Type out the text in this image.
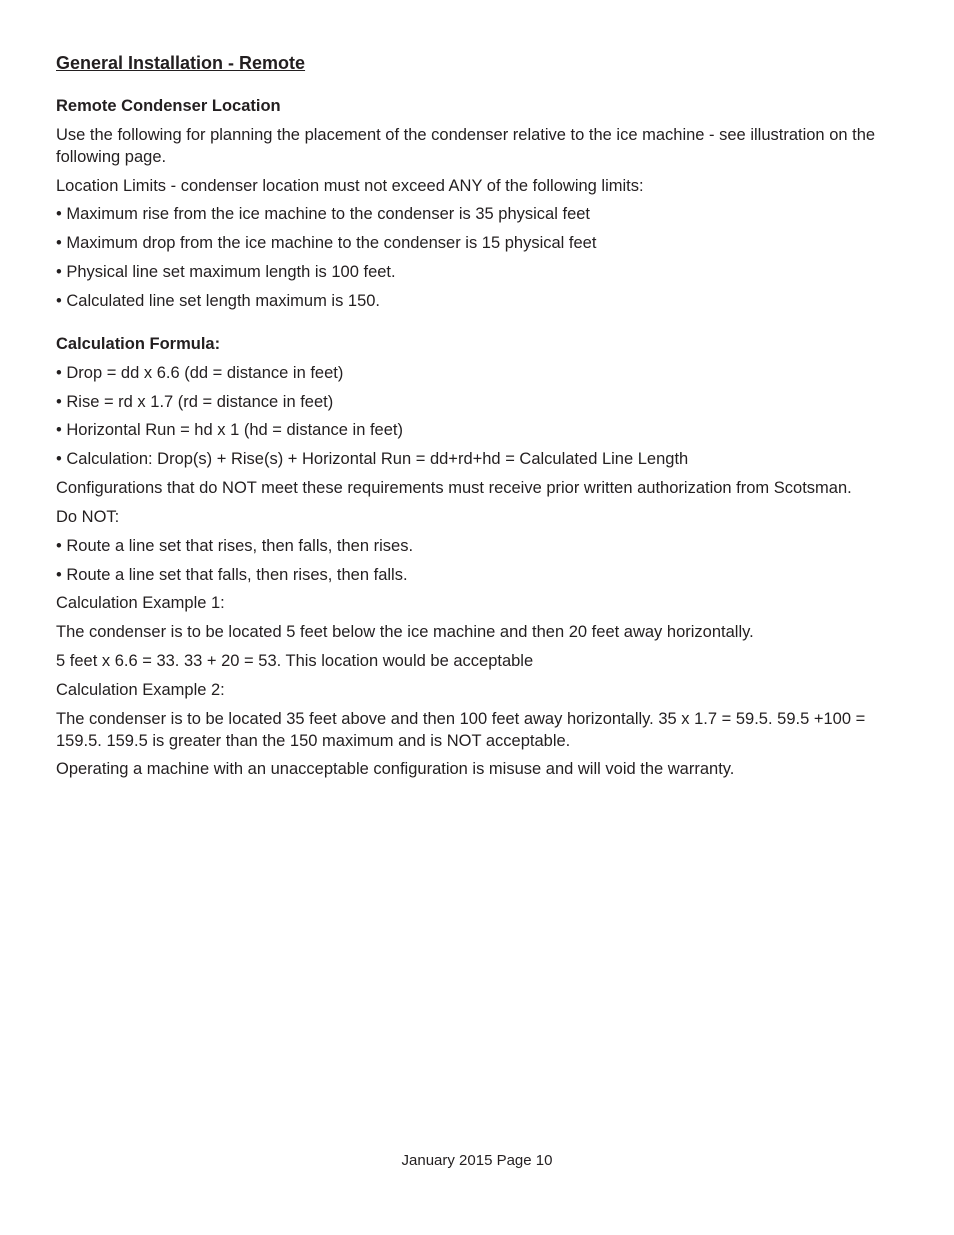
General Installation - Remote

Remote Condenser Location

Use the following for planning the placement of the condenser relative to the ice machine - see illustration on the following page.

Location Limits - condenser location must not exceed ANY of the following limits:

• Maximum rise from the ice machine to the condenser is 35 physical feet

• Maximum drop from the ice machine to the condenser is 15 physical feet

• Physical line set maximum length is 100 feet.

• Calculated line set length maximum is 150.

Calculation Formula:

• Drop = dd x 6.6 (dd = distance in feet)

• Rise = rd x 1.7 (rd = distance in feet)

• Horizontal Run = hd x 1 (hd = distance in feet)

• Calculation: Drop(s) + Rise(s) + Horizontal Run = dd+rd+hd = Calculated Line Length

Configurations that do NOT meet these requirements must receive prior written authorization from Scotsman.

Do NOT:

• Route a line set that rises, then falls, then rises.

• Route a line set that falls, then rises, then falls.

Calculation Example 1:

The condenser is to be located 5 feet below the ice machine and then 20 feet away horizontally.

5 feet x 6.6 = 33. 33 + 20 = 53. This location would be acceptable

Calculation Example 2:

The condenser is to be located 35 feet above and then 100 feet away horizontally. 35 x 1.7 = 59.5. 59.5 +100 = 159.5. 159.5 is greater than the 150 maximum and is NOT acceptable.

Operating a machine with an unacceptable configuration is misuse and will void the warranty.

January 2015 Page 10
